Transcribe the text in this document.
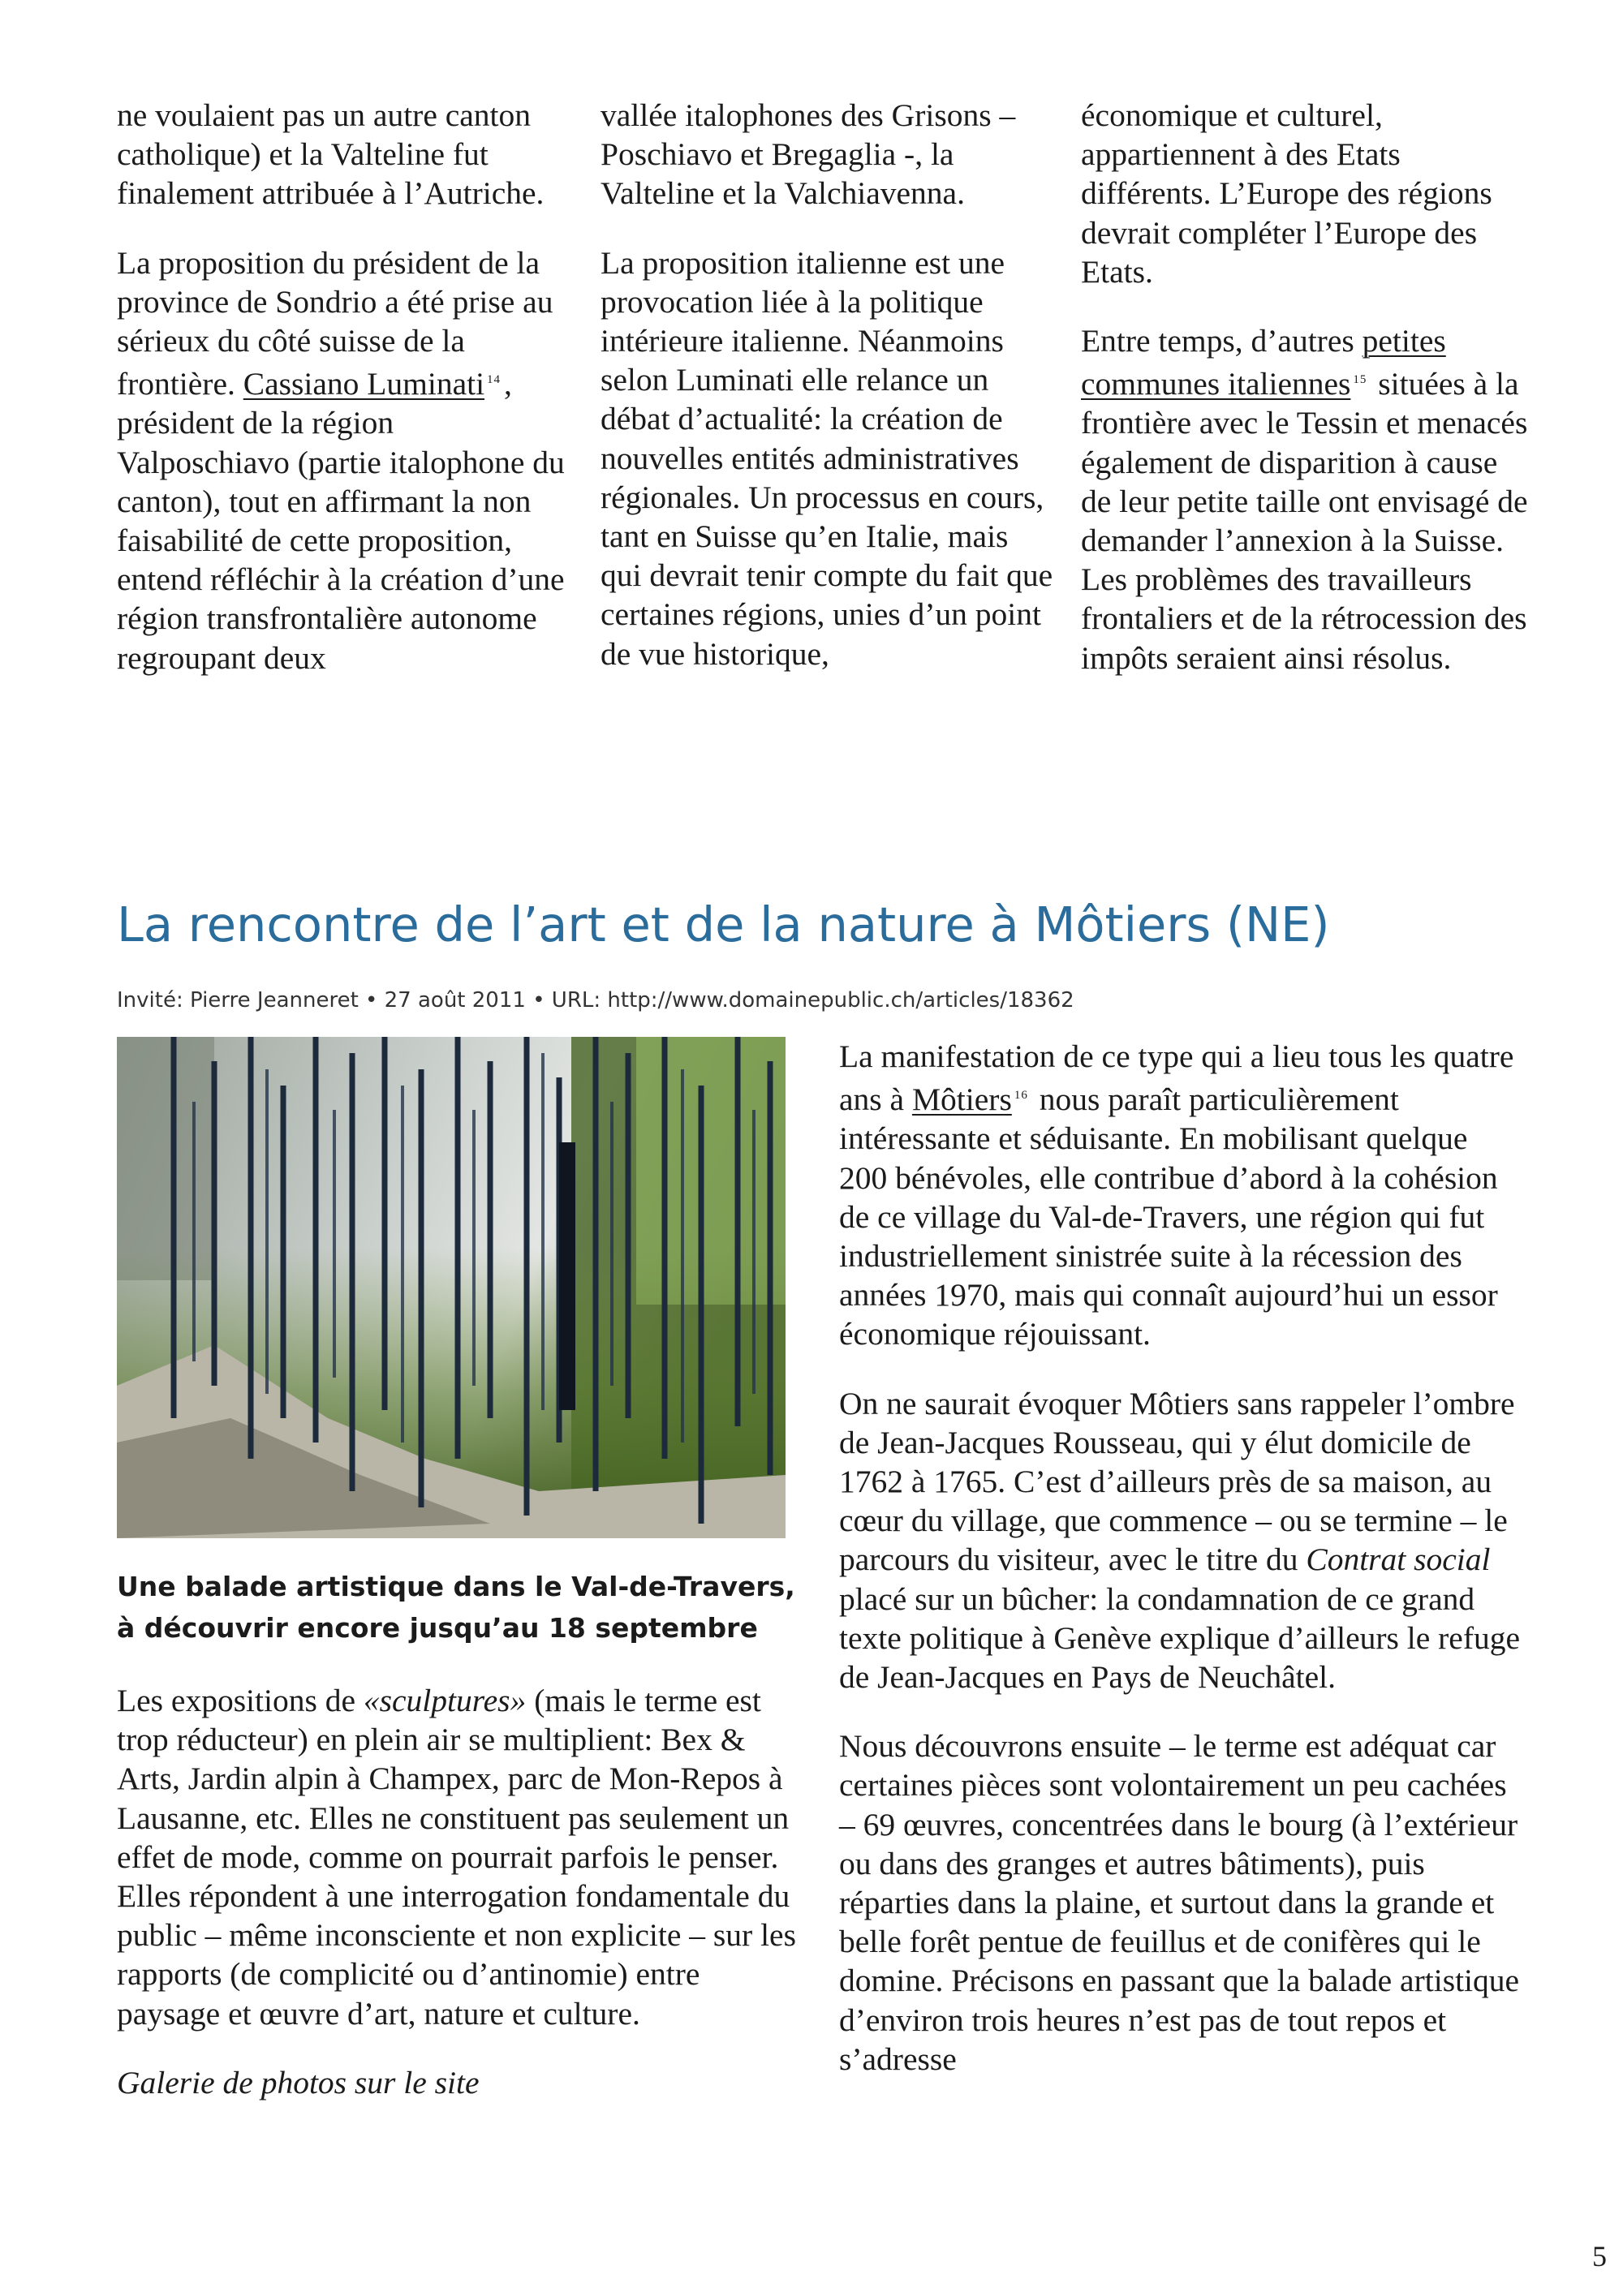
ne voulaient pas un autre canton catholique) et la Valteline fut finalement attribuée à l’Autriche.

La proposition du président de la province de Sondrio a été prise au sérieux du côté suisse de la frontière. Cassiano Luminati $^{14}$ , président de la région Valposchiavo (partie italophone du canton), tout en affirmant la non faisabilité de cette proposition, entend réfléchir à la création d’une région transfrontalière autonome regroupant deux

vallée italophones des Grisons – Poschiavo et Bregaglia -, la Valteline et la Valchiavenna.

La proposition italienne est une provocation liée à la politique intérieure italienne. Néanmoins selon Luminati elle relance un débat d’actualité: la création de nouvelles entités administratives régionales. Un processus en cours, tant en Suisse qu’en Italie, mais qui devrait tenir compte du fait que certaines régions, unies d’un point de vue historique,

économique et culturel, appartiennent à des Etats différents. L’Europe des régions devrait compléter l’Europe des Etats.

Entre temps, d’autres petites communes italiennes $^{15}$ situées à la frontière avec le Tessin et menacés également de disparition à cause de leur petite taille ont envisagé de demander l’annexion à la Suisse. Les problèmes des travailleurs frontaliers et de la rétrocession des impôts seraient ainsi résolus.

La rencontre de l’art et de la nature à Môtiers (NE)
Invité: Pierre Jeanneret • 27 août 2011 • URL: http://www.domainepublic.ch/articles/18362

Une balade artistique dans le Val-de-Travers, à découvrir encore jusqu’au 18 septembre

Les expositions de «sculptures» (mais le terme est trop réducteur) en plein air se multiplient: Bex & Arts, Jardin alpin à Champex, parc de Mon-Repos à Lausanne, etc. Elles ne constituent pas seulement un effet de mode, comme on pourrait parfois le penser. Elles répondent à une interrogation fondamentale du public – même inconsciente et non explicite – sur les rapports (de complicité ou d’antinomie) entre paysage et œuvre d’art, nature et culture.

Galerie de photos sur le site

La manifestation de ce type qui a lieu tous les quatre ans à Môtiers $^{16}$ nous paraît particulièrement intéressante et séduisante. En mobilisant quelque 200 bénévoles, elle contribue d’abord à la cohésion de ce village du Val-de-Travers, une région qui fut industriellement sinistrée suite à la récession des années 1970, mais qui connaît aujourd’hui un essor économique réjouissant.

On ne saurait évoquer Môtiers sans rappeler l’ombre de Jean-Jacques Rousseau, qui y élut domicile de 1762 à 1765. C’est d’ailleurs près de sa maison, au cœur du village, que commence – ou se termine – le parcours du visiteur, avec le titre du Contrat social placé sur un bûcher: la condamnation de ce grand texte politique à Genève explique d’ailleurs le refuge de Jean-Jacques en Pays de Neuchâtel.

Nous découvrons ensuite – le terme est adéquat car certaines pièces sont volontairement un peu cachées – 69 œuvres, concentrées dans le bourg (à l’extérieur ou dans des granges et autres bâtiments), puis réparties dans la plaine, et surtout dans la grande et belle forêt pentue de feuillus et de conifères qui le domine. Précisons en passant que la balade artistique d’environ trois heures n’est pas de tout repos et s’adresse

5
